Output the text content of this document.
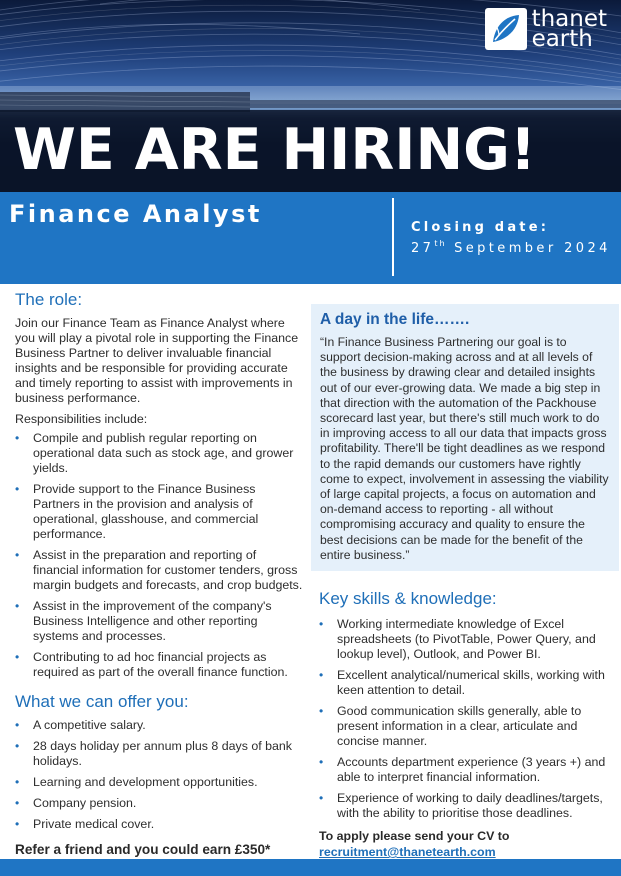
thanet
earth
WE ARE HIRING!
Finance Analyst	Closing date:
27th September 2024
The role:

Join our Finance Team as Finance Analyst where you will play a pivotal role in supporting the Finance Business Partner to deliver invaluable financial insights and be responsible for providing accurate and timely reporting to assist with improvements in business performance.

Responsibilities include:

• Compile and publish regular reporting on operational data such as stock age, and grower yields.
• Provide support to the Finance Business Partners in the provision and analysis of operational, glasshouse, and commercial performance.
• Assist in the preparation and reporting of financial information for customer tenders, gross margin budgets and forecasts, and crop budgets.
• Assist in the improvement of the company's Business Intelligence and other reporting systems and processes.
• Contributing to ad hoc financial projects as required as part of the overall finance function.
What we can offer you:
• A competitive salary.
• 28 days holiday per annum plus 8 days of bank holidays.
• Learning and development opportunities.
• Company pension.
• Private medical cover.
Refer a friend and you could earn £350*
A day in the life…….

“In Finance Business Partnering our goal is to support decision-making across and at all levels of the business by drawing clear and detailed insights out of our ever-growing data. We made a big step in that direction with the automation of the Packhouse scorecard last year, but there's still much work to do in improving access to all our data that impacts gross profitability. There'll be tight deadlines as we respond to the rapid demands our customers have rightly come to expect, involvement in assessing the viability of large capital projects, a focus on automation and on-demand access to reporting - all without compromising accuracy and quality to ensure the best decisions can be made for the benefit of the entire business.”

Key skills & knowledge:
• Working intermediate knowledge of Excel spreadsheets (to PivotTable, Power Query, and lookup level), Outlook, and Power BI.
• Excellent analytical/numerical skills, working with keen attention to detail.
• Good communication skills generally, able to present information in a clear, articulate and concise manner.
• Accounts department experience (3 years +) and able to interpret financial information.
• Experience of working to daily deadlines/targets, with the ability to prioritise those deadlines.
To apply please send your CV to
recruitment@thanetearth.com
